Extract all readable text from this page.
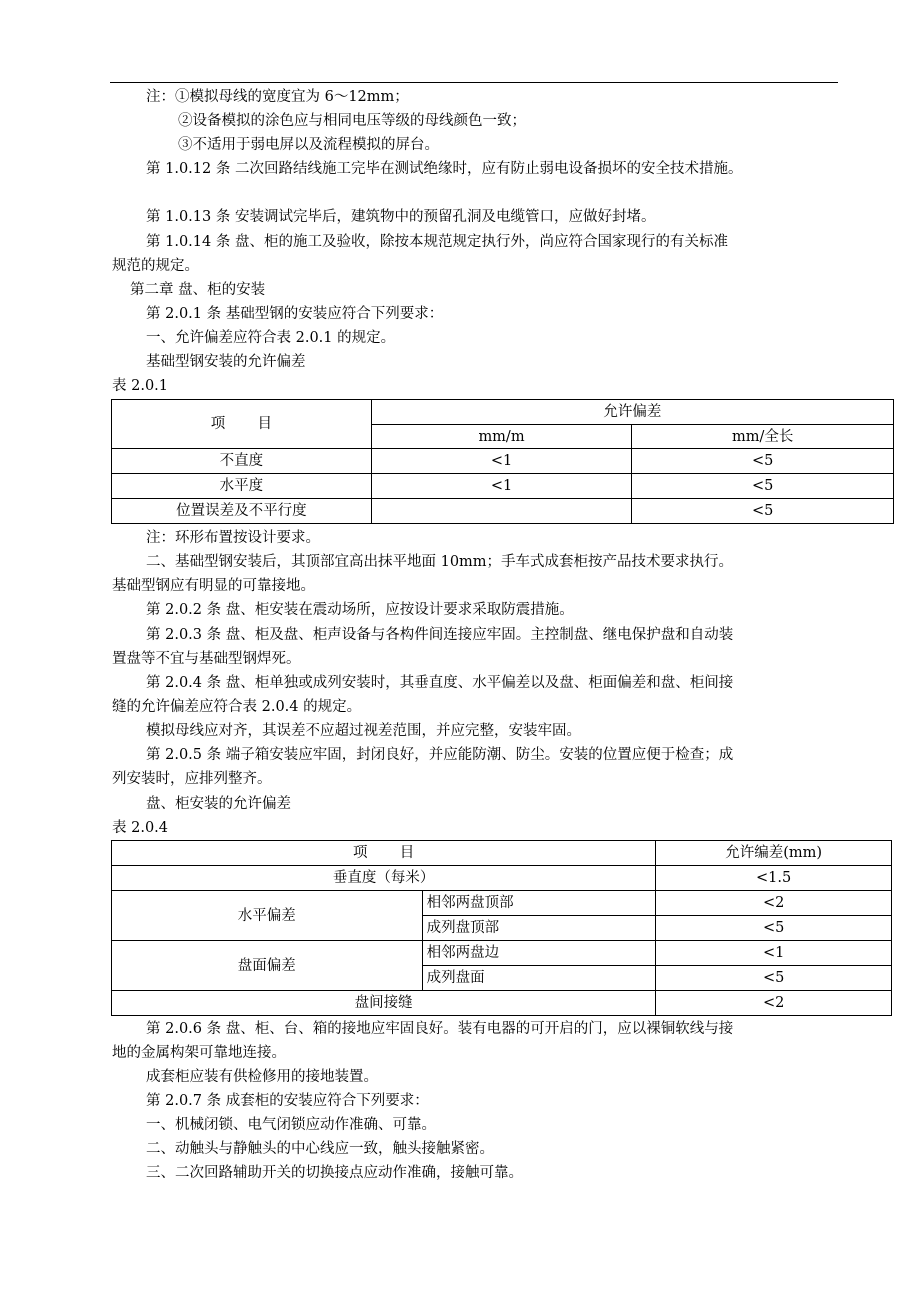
注：①模拟母线的宽度宜为 6～12mm；
②设备模拟的涂色应与相同电压等级的母线颜色一致；
③不适用于弱电屏以及流程模拟的屏台。
第 1.0.12 条 二次回路结线施工完毕在测试绝缘时，应有防止弱电设备损坏的安全技术措施。
第 1.0.13 条 安装调试完毕后，建筑物中的预留孔洞及电缆管口，应做好封堵。
第 1.0.14 条 盘、柜的施工及验收，除按本规范规定执行外，尚应符合国家现行的有关标准
规范的规定。
第二章 盘、柜的安装
第 2.0.1 条 基础型钢的安装应符合下列要求：
一、允许偏差应符合表 2.0.1 的规定。
基础型钢安装的允许偏差
表 2.0.1
项       目	允许偏差	
	mm/m	mm/全长
不直度	<1	<5
水平度	<1	<5
位置误差及不平行度		<5
注：环形布置按设计要求。
二、基础型钢安装后，其顶部宜高出抹平地面 10mm；手车式成套柜按产品技术要求执行。
基础型钢应有明显的可靠接地。
第 2.0.2 条 盘、柜安装在震动场所，应按设计要求采取防震措施。
第 2.0.3 条 盘、柜及盘、柜声设备与各构件间连接应牢固。主控制盘、继电保护盘和自动装
置盘等不宜与基础型钢焊死。
第 2.0.4 条 盘、柜单独或成列安装时，其垂直度、水平偏差以及盘、柜面偏差和盘、柜间接
缝的允许偏差应符合表 2.0.4 的规定。
模拟母线应对齐，其误差不应超过视差范围，并应完整，安装牢固。
第 2.0.5 条 端子箱安装应牢固，封闭良好，并应能防潮、防尘。安装的位置应便于检查；成
列安装时，应排列整齐。
盘、柜安装的允许偏差
表 2.0.4
项       目		允许编差(mm)
垂直度（每米）		<1.5
水平偏差	相邻两盘顶部	<2
	成列盘顶部	<5
盘面偏差	相邻两盘边	<1
	成列盘面	<5
盘间接缝		<2
第 2.0.6 条 盘、柜、台、箱的接地应牢固良好。装有电器的可开启的门，应以裸铜软线与接
地的金属构架可靠地连接。
成套柜应装有供检修用的接地装置。
第 2.0.7 条 成套柜的安装应符合下列要求：
一、机械闭锁、电气闭锁应动作准确、可靠。
二、动触头与静触头的中心线应一致，触头接触紧密。
三、二次回路辅助开关的切换接点应动作准确，接触可靠。
